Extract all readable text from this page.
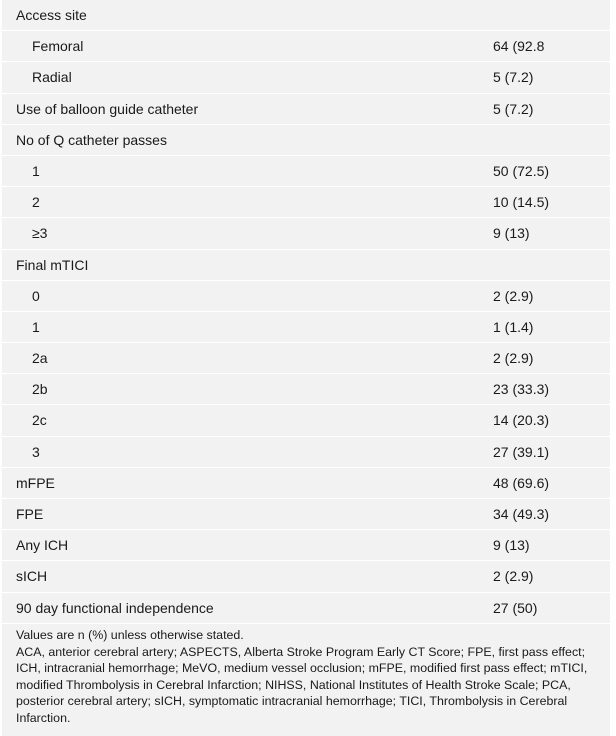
Access site
Femoral	64 (92.8
Radial	5 (7.2)
Use of balloon guide catheter	5 (7.2)
No of Q catheter passes
1	50 (72.5)
2	10 (14.5)
≥3	9 (13)
Final mTICI
0	2 (2.9)
1	1 (1.4)
2a	2 (2.9)
2b	23 (33.3)
2c	14 (20.3)
3	27 (39.1)
mFPE	48 (69.6)
FPE	34 (49.3)
Any ICH	9 (13)
sICH	2 (2.9)
90 day functional independence	27 (50)

Values are n (%) unless otherwise stated.

ACA, anterior cerebral artery; ASPECTS, Alberta Stroke Program Early CT Score; FPE, first pass effect; ICH, intracranial hemorrhage; MeVO, medium vessel occlusion; mFPE, modified first pass effect; mTICI, modified Thrombolysis in Cerebral Infarction; NIHSS, National Institutes of Health Stroke Scale; PCA, posterior cerebral artery; sICH, symptomatic intracranial hemorrhage; TICI, Thrombolysis in Cerebral Infarction.
